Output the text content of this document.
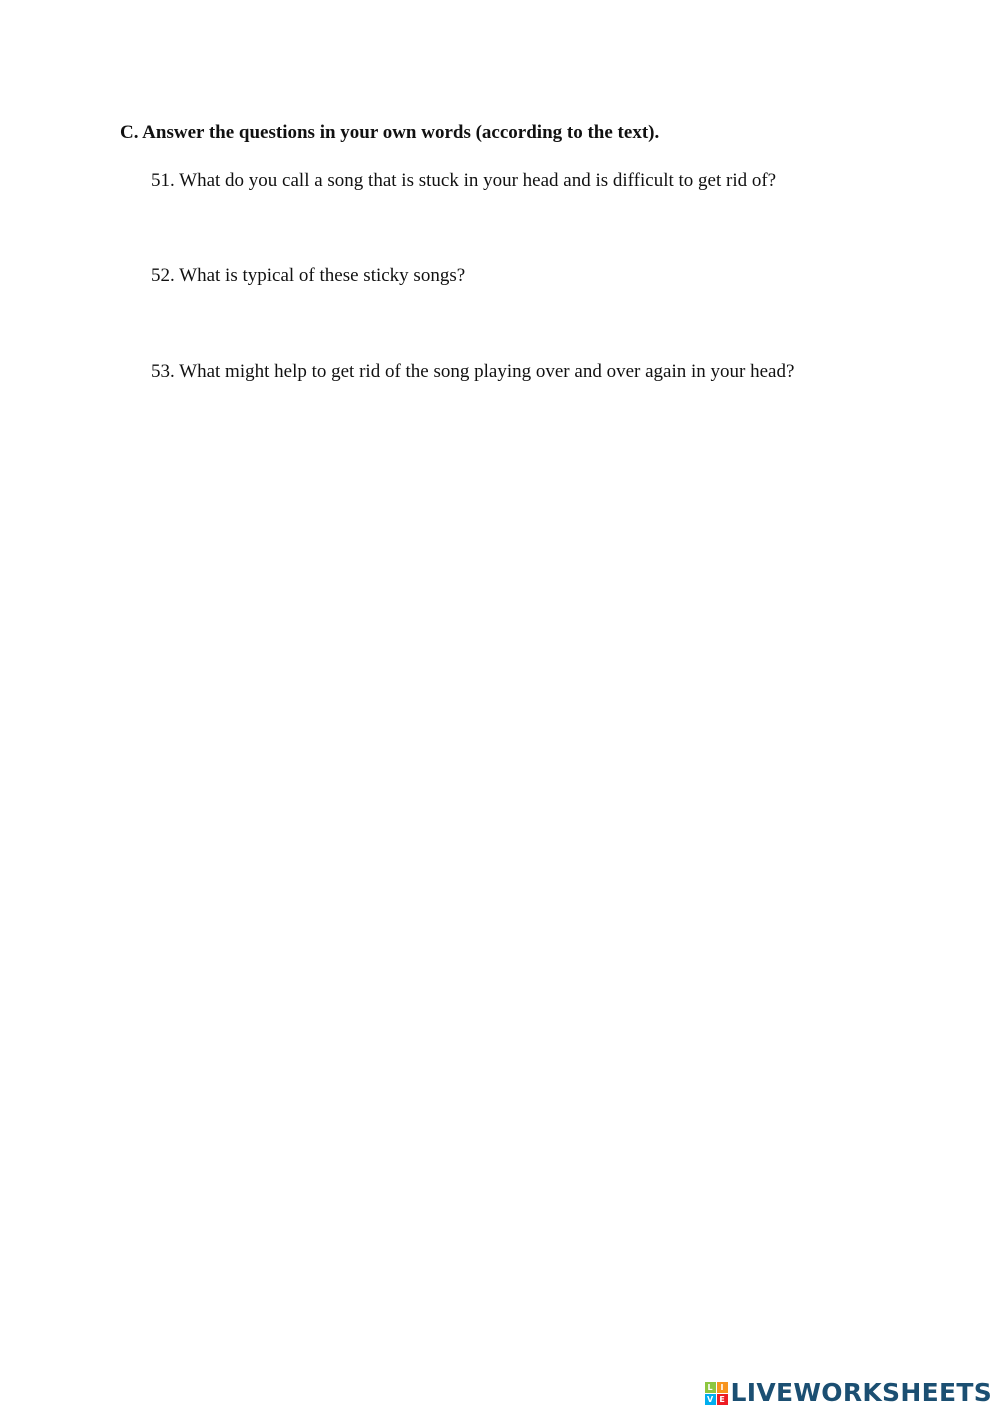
C. Answer the questions in your own words (according to the text).

51. What do you call a song that is stuck in your head and is difficult to get rid of?

52. What is typical of these sticky songs?

53. What might help to get rid of the song playing over and over again in your head?

L I
V E LIVEWORKSHEETS
